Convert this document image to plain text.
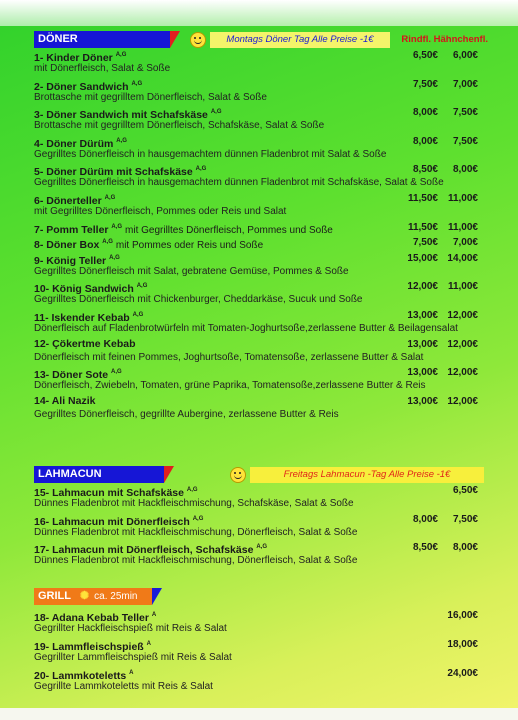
DÖNER	Montags Döner Tag Alle Preise -1€	Rindfl. Hähnchenfl.
1- Kinder Döner $^{A,G}$	6,50€ 6,00€
mit Dönerfleisch, Salat & Soße
2- Döner Sandwich $^{A,G}$	7,50€ 7,00€
Brottasche mit gegrilltem Dönerfleisch, Salat & Soße
3- Döner Sandwich mit Schafskäse $^{A,G}$	8,00€ 7,50€
Brottasche mit gegrilltem Dönerfleisch, Schafskäse, Salat & Soße
4- Döner Dürüm $^{A,G}$	8,00€ 7,50€
Gegrilltes Dönerfleisch in hausgemachtem dünnen Fladenbrot mit Salat & Soße
5- Döner Dürüm mit Schafskäse $^{A,G}$	8,50€ 8,00€
Gegrilltes Dönerfleisch in hausgemachtem dünnen Fladenbrot mit Schafskäse, Salat & Soße
6- Dönerteller $^{A,G}$	11,50€ 11,00€
mit Gegrilltes Dönerfleisch, Pommes oder Reis und Salat
7- Pomm Teller $^{A,G}$ mit Gegrilltes Dönerfleisch, Pommes und Soße	11,50€ 11,00€
8- Döner Box $^{A,G}$ mit Pommes oder Reis und Soße	7,50€ 7,00€
9- König Teller $^{A,G}$	15,00€ 14,00€
Gegrilltes Dönerfleisch mit Salat, gebratene Gemüse, Pommes & Soße
10- König Sandwich $^{A,G}$	12,00€ 11,00€
Gegrilltes Dönerfleisch mit Chickenburger, Cheddarkäse, Sucuk und Soße
11- Iskender Kebab $^{A,G}$	13,00€ 12,00€
Dönerfleisch auf Fladenbrotwürfeln mit Tomaten-Joghurtsoße,zerlassene Butter & Beilagensalat
12- Çökertme Kebab	13,00€ 12,00€
Dönerfleisch mit feinen Pommes, Joghurtsoße, Tomatensoße, zerlassene Butter & Salat
13- Döner Sote $^{A,G}$	13,00€ 12,00€
Dönerfleisch, Zwiebeln, Tomaten, grüne Paprika, Tomatensoße,zerlassene Butter & Reis
14- Ali Nazik	13,00€ 12,00€
Gegrilltes Dönerfleisch, gegrillte Aubergine, zerlassene Butter & Reis
LAHMACUN	Freitags Lahmacun -Tag Alle Preise -1€
15- Lahmacun mit Schafskäse $^{A,G}$	6,50€
Dünnes Fladenbrot mit Hackfleischmischung, Schafskäse, Salat & Soße
16- Lahmacun mit Dönerfleisch $^{A,G}$	8,00€ 7,50€
Dünnes Fladenbrot mit Hackfleischmischung, Dönerfleisch, Salat & Soße
17- Lahmacun mit Dönerfleisch, Schafskäse $^{A,G}$	8,50€ 8,00€
Dünnes Fladenbrot mit Hackfleischmischung, Dönerfleisch, Salat & Soße
GRILL ✺ ca. 25min
18- Adana Kebab Teller $^A$	16,00€
Gegrillter Hackfleischspieß mit Reis & Salat
19- Lammfleischspieß $^A$	18,00€
Gegrillter Lammfleischspieß mit Reis & Salat
20- Lammkoteletts $^A$	24,00€
Gegrillte Lammkoteletts mit Reis & Salat
